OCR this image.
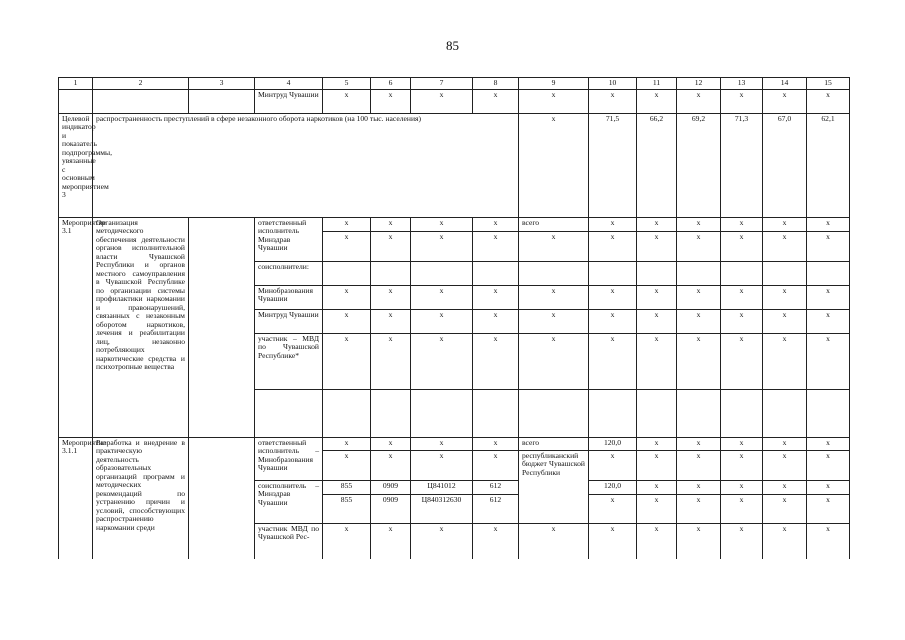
85
1	2	3	4	5	6	7	8	9	10	11	12	13	14	15
			Минтруд Чувашии	x	x	x	x	x	x	x	x	x	x	x
Целевой индикатор и показатель подпрограммы, увязанные с основным мероприятием 3	распространенность преступлений в сфере незаконного оборота наркотиков (на 100 тыс. населения)							x	71,5	66,2	69,2	71,3	67,0	62,1
Мероприятие 3.1	Организация методического обеспечения деятельности органов исполнительной власти Чувашской Республики и органов местного самоуправления в Чувашской Республике по организации системы профилактики наркомании и правонарушений, связанных с незаконным оборотом наркотиков, лечения и реабилитации лиц, незаконно потребляющих наркотические средства и психотропные вещества		ответственный исполнитель Минздрав Чувашии	x	x	x	x	всего	x	x	x	x	x	x
				x	x	x	x	x	x	x	x	x	x	x
			соисполнители:											
			Минобразования Чувашии	x	x	x	x	x	x	x	x	x	x	x
			Минтруд Чувашии	x	x	x	x	x	x	x	x	x	x	x
			участник – МВД по Чувашской Республике*	x	x	x	x	x	x	x	x	x	x	x

Мероприятие 3.1.1	Разработка и внедрение в практическую деятельность образовательных организаций программ и методических рекомендаций по устранению причин и условий, способствующих распространению наркомании среди		ответственный исполнитель – Минобразования Чувашии	x	x	x	x	всего	120,0	x	x	x	x	x
				x	x	x	x	республиканский бюджет Чувашской Республики	x	x	x	x	x	x
			соисполнитель – Минздрав Чувашии	855	0909	Ц841012	612		120,0	x	x	x	x	x
				855	0909	Ц840312630	612		x	x	x	x	x	x
			участник МВД по Чувашской Рес-	x	x	x	x	x	x	x	x	x	x	x
